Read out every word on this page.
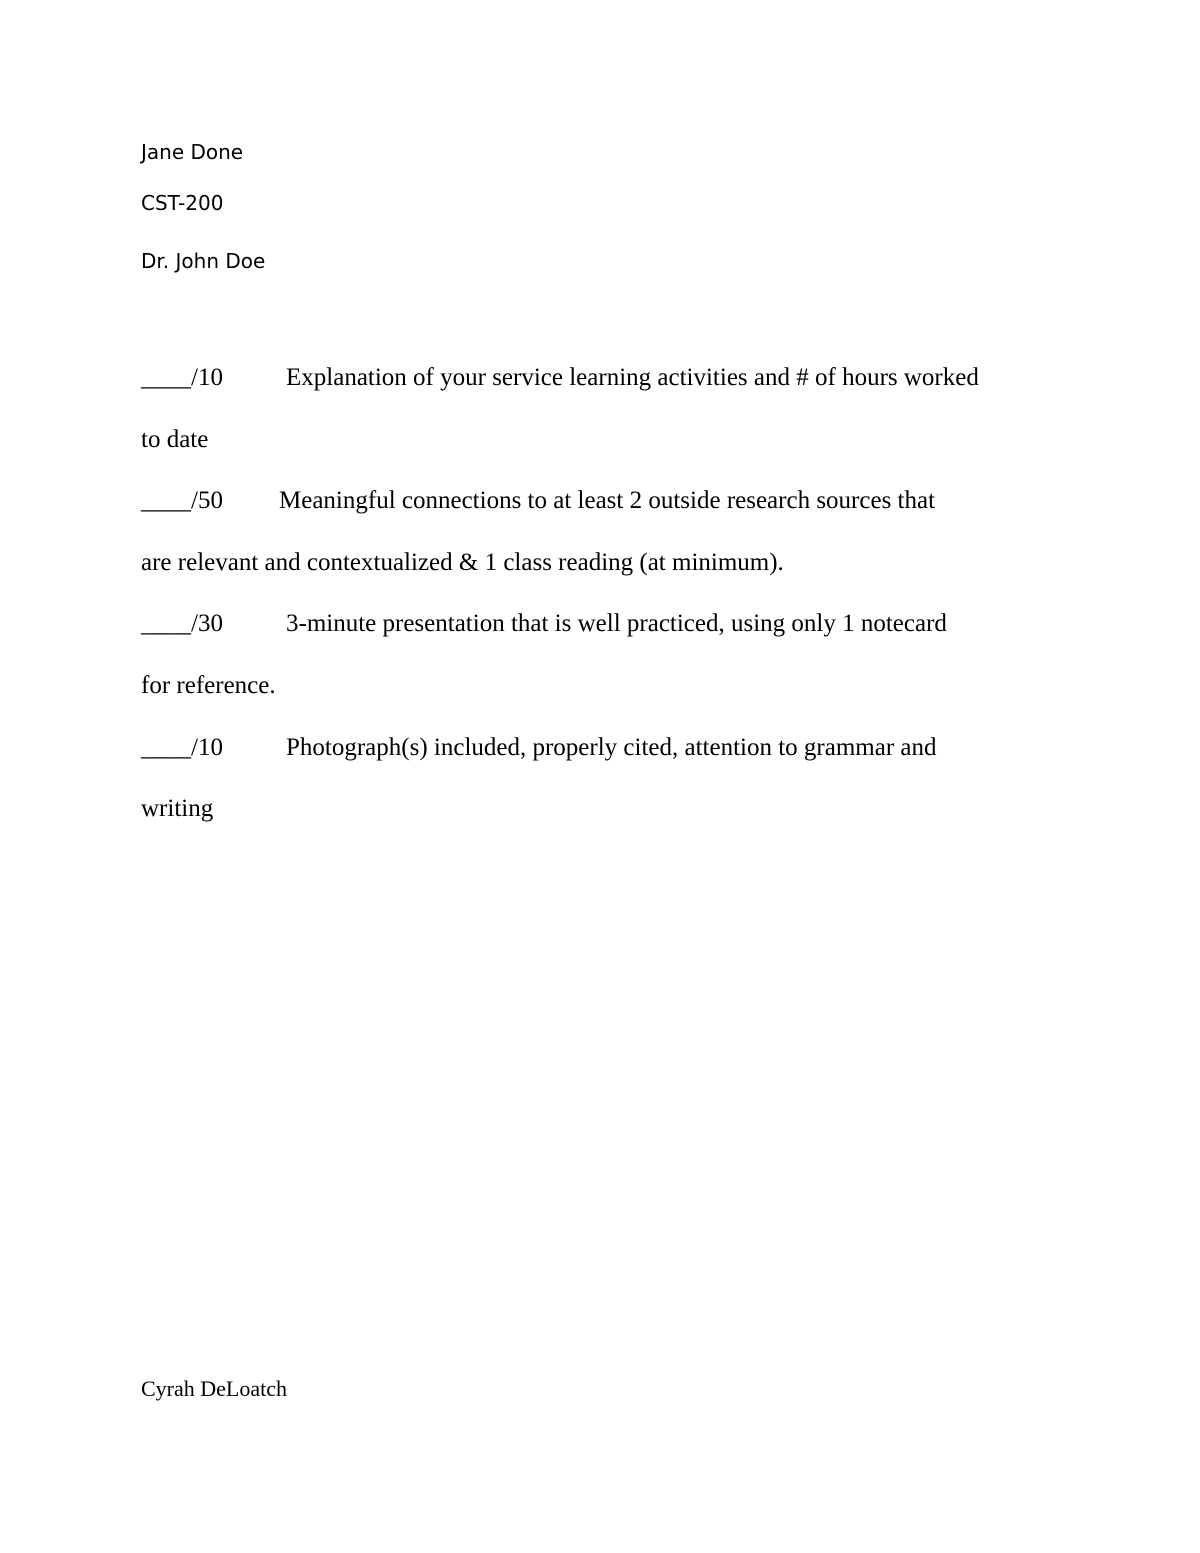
Jane Done
CST-200
Dr. John Doe
____/10	Explanation of your service learning activities and # of hours worked
to date
____/50 Meaningful connections to at least 2 outside research sources that
are relevant and contextualized & 1 class reading (at minimum).
____/30	3-minute presentation that is well practiced, using only 1 notecard
for reference.
____/10	Photograph(s) included, properly cited, attention to grammar and
writing
Cyrah DeLoatch
